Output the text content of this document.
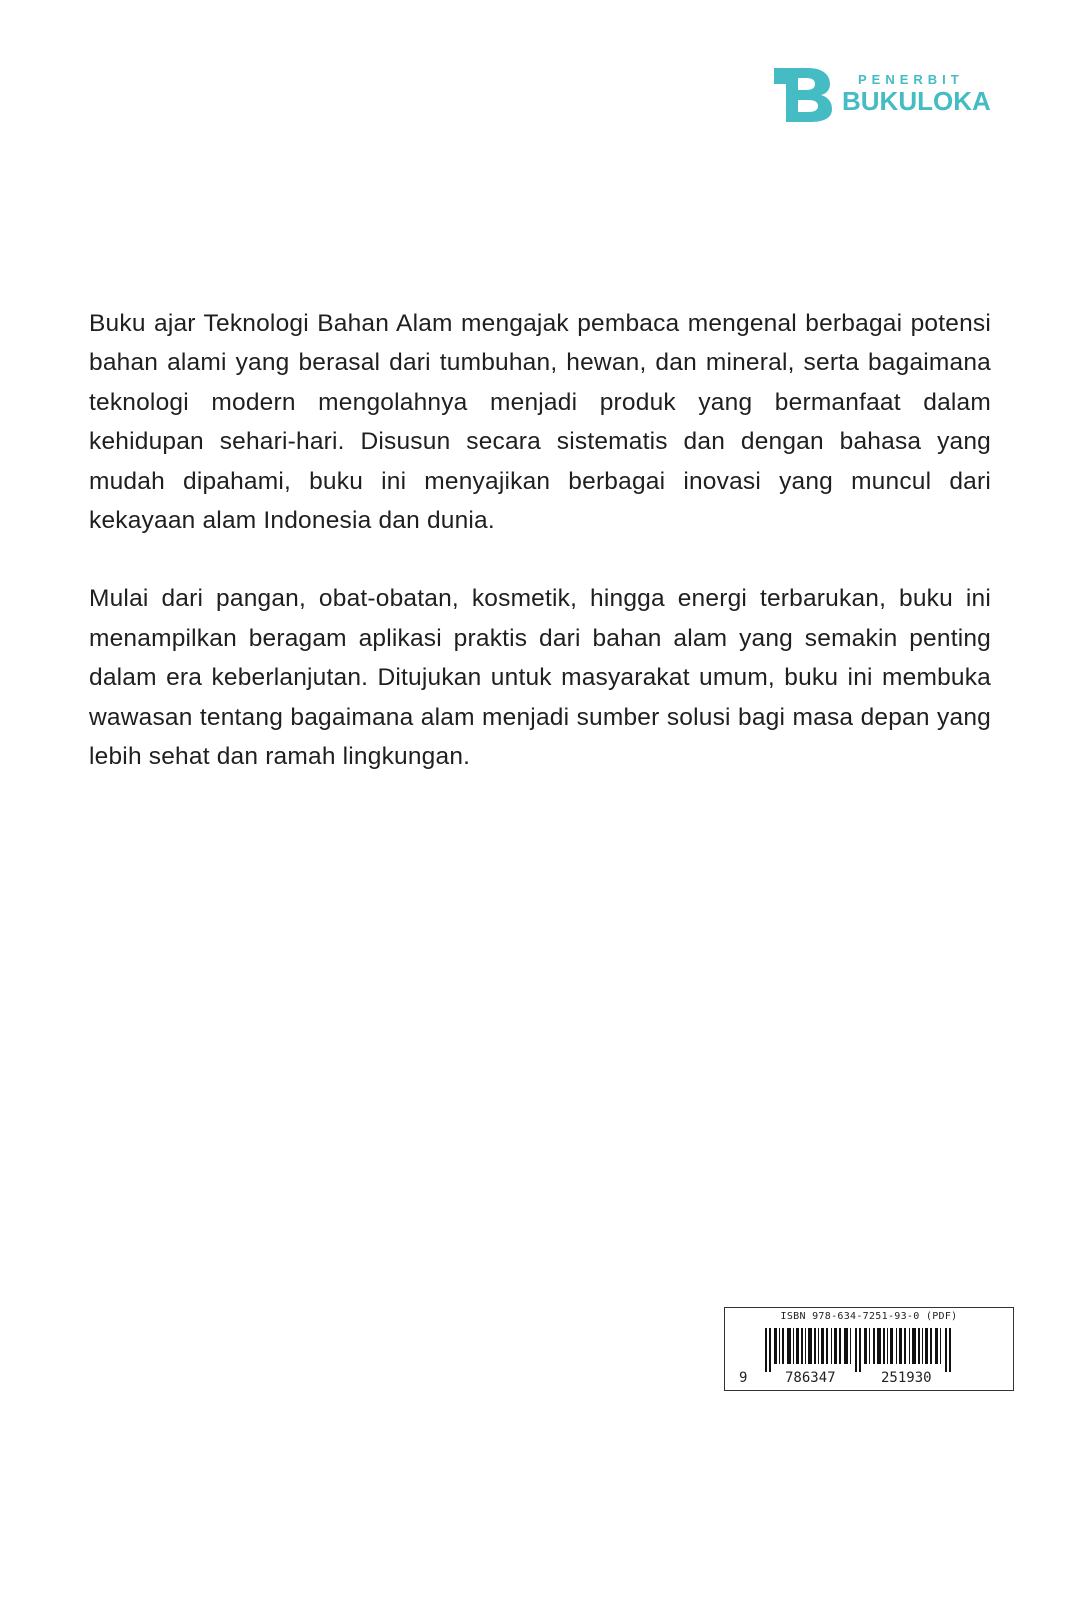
PENERBIT
BUKULOKA

Buku ajar Teknologi Bahan Alam mengajak pembaca mengenal berbagai potensi bahan alami yang berasal dari tumbuhan, hewan, dan mineral, serta bagaimana teknologi modern mengolahnya menjadi produk yang bermanfaat dalam kehidupan sehari-hari. Disusun secara sistematis dan dengan bahasa yang mudah dipahami, buku ini menyajikan berbagai inovasi yang muncul dari kekayaan alam Indonesia dan dunia.

Mulai dari pangan, obat-obatan, kosmetik, hingga energi terbarukan, buku ini menampilkan beragam aplikasi praktis dari bahan alam yang semakin penting dalam era keberlanjutan. Ditujukan untuk masyarakat umum, buku ini membuka wawasan tentang bagaimana alam menjadi sumber solusi bagi masa depan yang lebih sehat dan ramah lingkungan.

ISBN 978-634-7251-93-0 (PDF)
9	786347	251930
